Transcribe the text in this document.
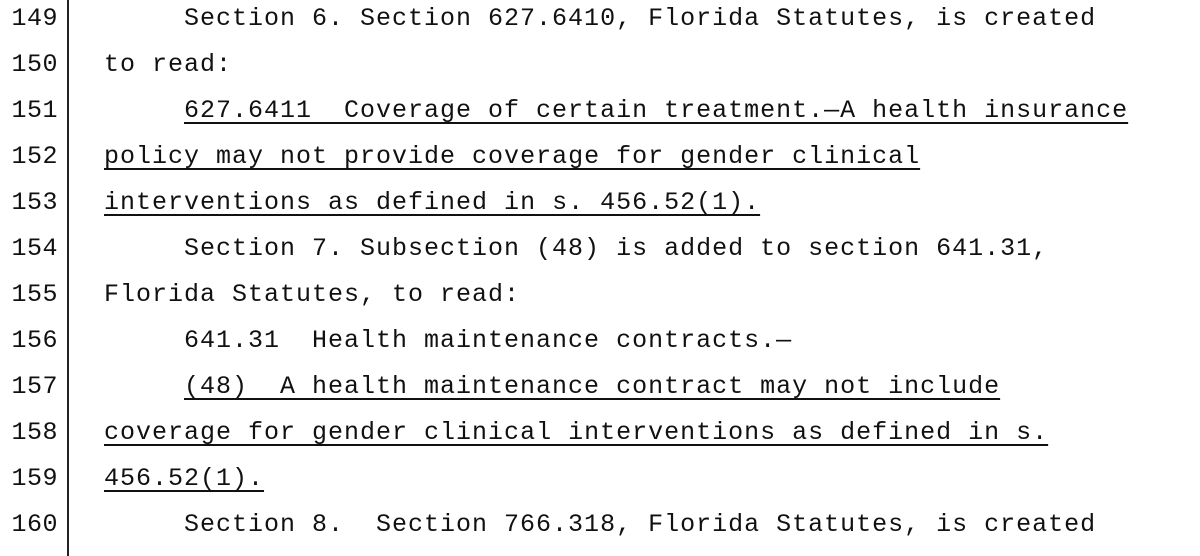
149	Section 6. Section 627.6410, Florida Statutes, is created
150 to read:
151	627.6411  Coverage of certain treatment.—A health insurance
152 policy may not provide coverage for gender clinical
153 interventions as defined in s. 456.52(1).
154	Section 7. Subsection (48) is added to section 641.31,
155 Florida Statutes, to read:
156	641.31  Health maintenance contracts.—
157	(48)  A health maintenance contract may not include
158 coverage for gender clinical interventions as defined in s.
159 456.52(1).
160	Section 8.  Section 766.318, Florida Statutes, is created
